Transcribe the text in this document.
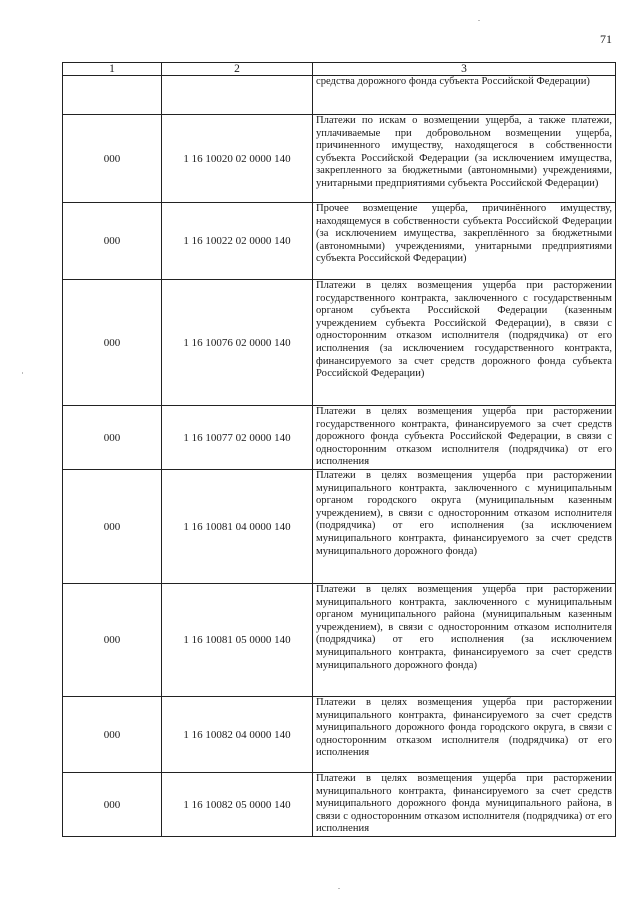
71
1	2	3
		средства дорожного фонда субъекта Российской Федерации)
000	1 16 10020 02 0000 140	Платежи по искам о возмещении ущерба, а также платежи, уплачиваемые при добровольном возмещении ущерба, причиненного имуществу, находящегося в собственности субъекта Российской Федерации (за исключением имущества, закрепленного за бюджетными (автономными) учреждениями, унитарными предприятиями субъекта Российской Федерации)
000	1 16 10022 02 0000 140	Прочее возмещение ущерба, причинённого имуществу, находящемуся в собственности субъекта Российской Федерации (за исключением имущества, закреплённого за бюджетными (автономными) учреждениями, унитарными предприятиями субъекта Российской Федерации)
000	1 16 10076 02 0000 140	Платежи в целях возмещения ущерба при расторжении государственного контракта, заключенного с государственным органом субъекта Российской Федерации (казенным учреждением субъекта Российской Федерации), в связи с односторонним отказом исполнителя (подрядчика) от его исполнения (за исключением государственного контракта, финансируемого за счет средств дорожного фонда субъекта Российской Федерации)
000	1 16 10077 02 0000 140	Платежи в целях возмещения ущерба при расторжении государственного контракта, финансируемого за счет средств дорожного фонда субъекта Российской Федерации, в связи с односторонним отказом исполнителя (подрядчика) от его исполнения
000	1 16 10081 04 0000 140	Платежи в целях возмещения ущерба при расторжении муниципального контракта, заключенного с муниципальным органом городского округа (муниципальным казенным учреждением), в связи с односторонним отказом исполнителя (подрядчика) от его исполнения (за исключением муниципального контракта, финансируемого за счет средств муниципального дорожного фонда)
000	1 16 10081 05 0000 140	Платежи в целях возмещения ущерба при расторжении муниципального контракта, заключенного с муниципальным органом муниципального района (муниципальным казенным учреждением), в связи с односторонним отказом исполнителя (подрядчика) от его исполнения (за исключением муниципального контракта, финансируемого за счет средств муниципального дорожного фонда)
000	1 16 10082 04 0000 140	Платежи в целях возмещения ущерба при расторжении муниципального контракта, финансируемого за счет средств муниципального дорожного фонда городского округа, в связи с односторонним отказом исполнителя (подрядчика) от его исполнения
000	1 16 10082 05 0000 140	Платежи в целях возмещения ущерба при расторжении муниципального контракта, финансируемого за счет средств муниципального дорожного фонда муниципального района, в связи с односторонним отказом исполнителя (подрядчика) от его исполнения
